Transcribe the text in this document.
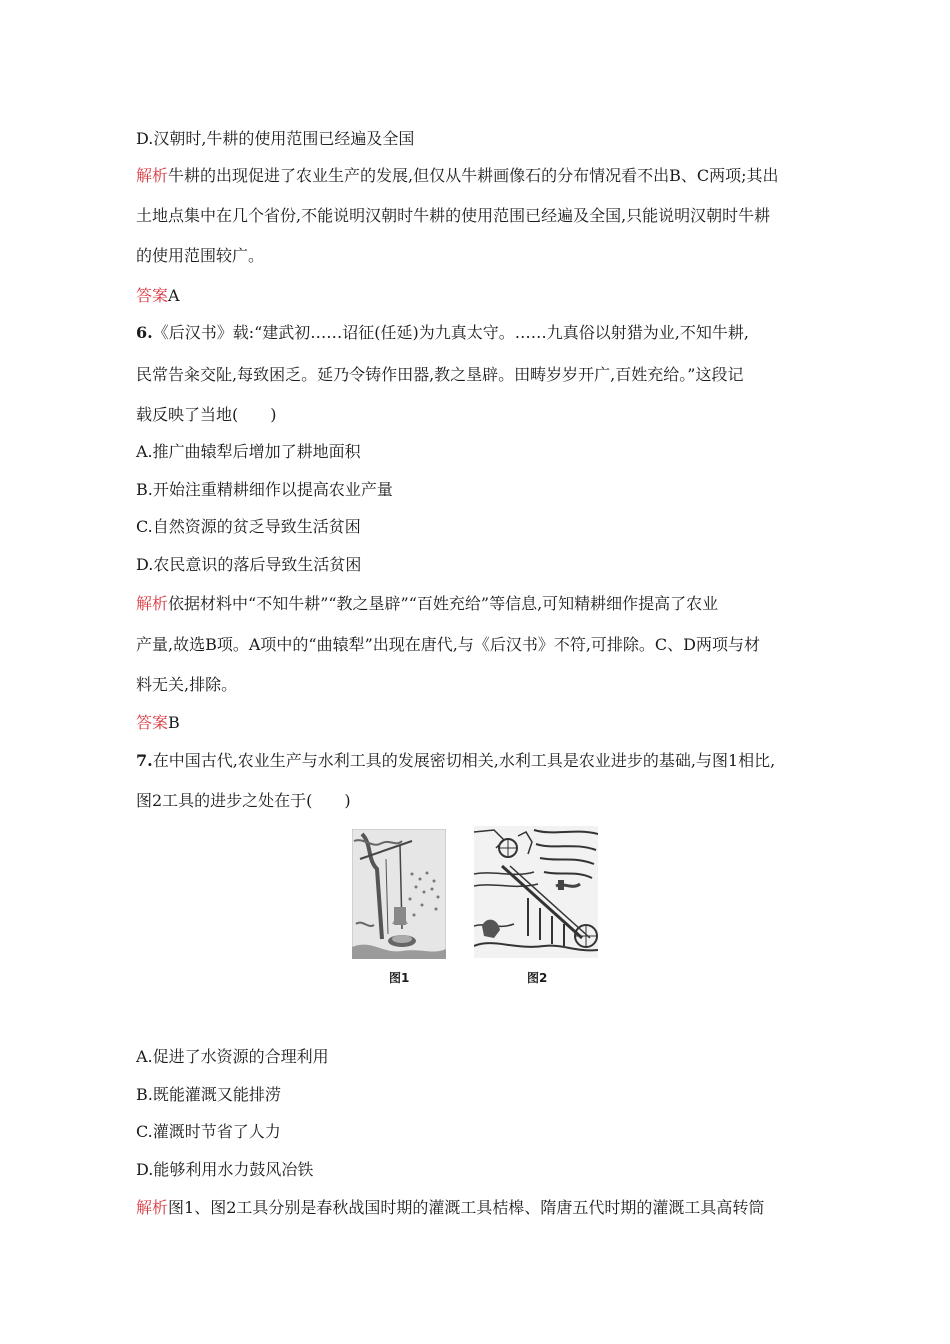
D.汉朝时,牛耕的使用范围已经遍及全国
解析牛耕的出现促进了农业生产的发展,但仅从牛耕画像石的分布情况看不出B、C两项;其出
土地点集中在几个省份,不能说明汉朝时牛耕的使用范围已经遍及全国,只能说明汉朝时牛耕
的使用范围较广。
答案A
6.《后汉书》载:“建武初……诏征(任延)为九真太守。……九真俗以射猎为业,不知牛耕,
民常告籴交阯,每致困乏。延乃令铸作田器,教之垦辟。田畴岁岁开广,百姓充给。”这段记
载反映了当地(　　)
A.推广曲辕犁后增加了耕地面积
B.开始注重精耕细作以提高农业产量
C.自然资源的贫乏导致生活贫困
D.农民意识的落后导致生活贫困
解析依据材料中“不知牛耕”“教之垦辟”“百姓充给”等信息,可知精耕细作提高了农业
产量,故选B项。A项中的“曲辕犁”出现在唐代,与《后汉书》不符,可排除。C、D两项与材
料无关,排除。
答案B
7.在中国古代,农业生产与水利工具的发展密切相关,水利工具是农业进步的基础,与图1相比,
图2工具的进步之处在于(　　)
图1	图2
A.促进了水资源的合理利用
B.既能灌溉又能排涝
C.灌溉时节省了人力
D.能够利用水力鼓风冶铁
解析图1、图2工具分别是春秋战国时期的灌溉工具桔槔、隋唐五代时期的灌溉工具高转筒
